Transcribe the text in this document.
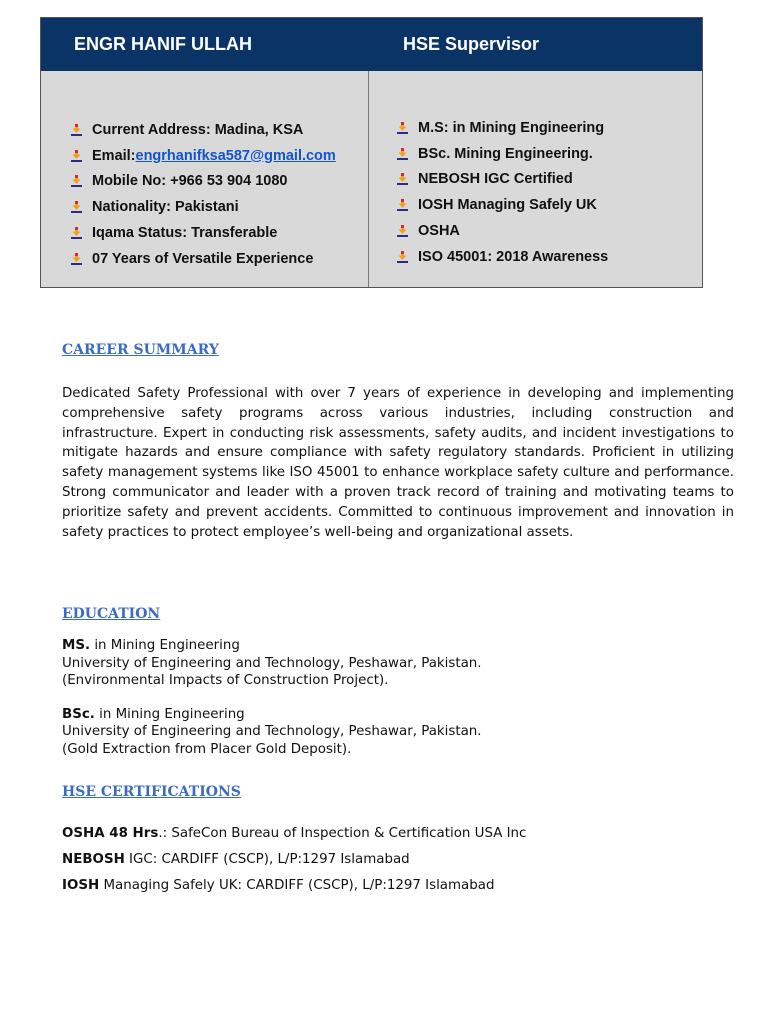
ENGR HANIF ULLAH	HSE Supervisor
Current Address: Madina, KSA
Email: engrhanifksa587@gmail.com
Mobile No: +966 53 904 1080
Nationality: Pakistani
Iqama Status: Transferable
07 Years of Versatile Experience
M.S: in Mining Engineering
BSc. Mining Engineering.
NEBOSH IGC Certified
IOSH Managing Safely UK
OSHA
ISO 45001: 2018 Awareness
CAREER SUMMARY

Dedicated Safety Professional with over 7 years of experience in developing and implementing comprehensive safety programs across various industries, including construction and infrastructure. Expert in conducting risk assessments, safety audits, and incident investigations to mitigate hazards and ensure compliance with safety regulatory standards. Proficient in utilizing safety management systems like ISO 45001 to enhance workplace safety culture and performance. Strong communicator and leader with a proven track record of training and motivating teams to prioritize safety and prevent accidents. Committed to continuous improvement and innovation in safety practices to protect employee’s well-being and organizational assets.

EDUCATION
MS. in Mining Engineering
University of Engineering and Technology, Peshawar, Pakistan.
(Environmental Impacts of Construction Project).
BSc. in Mining Engineering
University of Engineering and Technology, Peshawar, Pakistan.
(Gold Extraction from Placer Gold Deposit).
HSE CERTIFICATIONS
OSHA 48 Hrs.: SafeCon Bureau of Inspection & Certification USA Inc
NEBOSH IGC: CARDIFF (CSCP), L/P:1297 Islamabad
IOSH Managing Safely UK: CARDIFF (CSCP), L/P:1297 Islamabad
